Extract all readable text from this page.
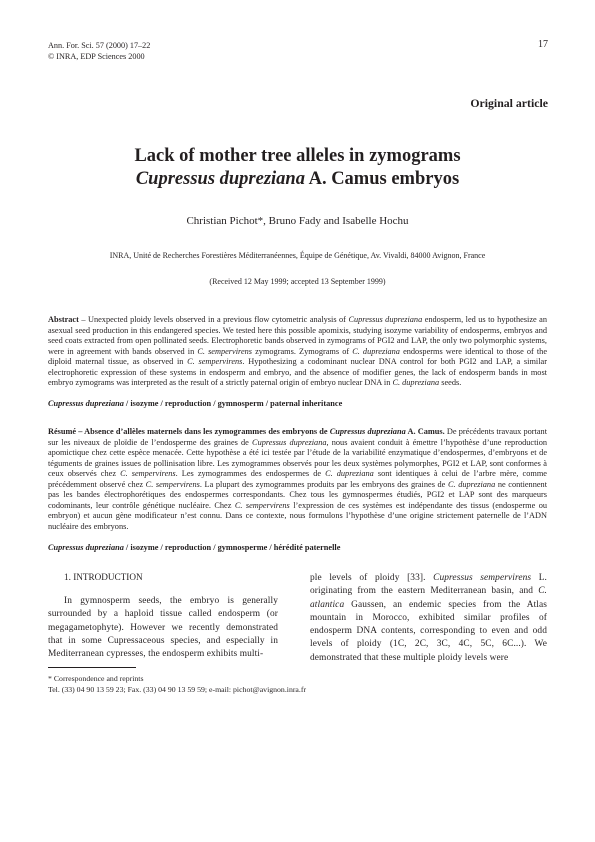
Ann. For. Sci. 57 (2000) 17–22
© INRA, EDP Sciences 2000
17
Original article
Lack of mother tree alleles in zymograms
Cupressus dupreziana A. Camus embryos
Christian Pichot*, Bruno Fady and Isabelle Hochu
INRA, Unité de Recherches Forestières Méditerranéennes, Équipe de Génétique, Av. Vivaldi, 84000 Avignon, France
(Received 12 May 1999; accepted 13 September 1999)
Abstract – Unexpected ploidy levels observed in a previous flow cytometric analysis of Cupressus dupreziana endosperm, led us to hypothesize an asexual seed production in this endangered species. We tested here this possible apomixis, studying isozyme variability of endosperms, embryos and seed coats extracted from open pollinated seeds. Electrophoretic bands observed in zymograms of PGI2 and LAP, the only two polymorphic systems, were in agreement with bands observed in C. sempervirens zymograms. Zymograms of C. dupreziana endosperms were identical to those of the diploid maternal tissue, as observed in C. sempervirens. Hypothesizing a codominant nuclear DNA control for both PGI2 and LAP, a similar electrophoretic expression of these systems in endosperm and embryo, and the absence of modifier genes, the lack of endosperm bands in most embryo zymograms was interpreted as the result of a strictly paternal origin of embryo nuclear DNA in C. dupreziana seeds.
Cupressus dupreziana / isozyme / reproduction / gymnosperm / paternal inheritance
Résumé – Absence d’allèles maternels dans les zymogrammes des embryons de Cupressus dupreziana A. Camus. De précédents travaux portant sur les niveaux de ploïdie de l’endosperme des graines de Cupressus dupreziana, nous avaient conduit à émettre l’hypothèse d’une reproduction apomictique chez cette espèce menacée. Cette hypothèse a été ici testée par l’étude de la variabilité enzymatique d’endospermes, d’embryons et de téguments de graines issues de pollinisation libre. Les zymogrammes observés pour les deux systèmes polymorphes, PGI2 et LAP, sont conformes à ceux observés chez C. sempervirens. Les zymogrammes des endospermes de C. dupreziana sont identiques à celui de l’arbre mère, comme précédemment observé chez C. sempervirens. La plupart des zymogrammes produits par les embryons des graines de C. dupreziana ne contiennent pas les bandes électrophorétiques des endospermes correspondants. Chez tous les gymnospermes étudiés, PGI2 et LAP sont des marqueurs codominants, leur contrôle génétique nucléaire. Chez C. sempervirens l’expression de ces systèmes est indépendante des tissus (endosperme ou embryon) et aucun gène modificateur n’est connu. Dans ce contexte, nous formulons l’hypothèse d’une origine strictement paternelle de l’ADN nucléaire des embryons.
Cupressus dupreziana / isozyme / reproduction / gymnosperme / hérédité paternelle
1. INTRODUCTION
In gymnosperm seeds, the embryo is generally surrounded by a haploid tissue called endosperm (or megagametophyte). However we recently demonstrated that in some Cupressaceous species, and especially in Mediterranean cypresses, the endosperm exhibits multi-
ple levels of ploidy [33]. Cupressus sempervirens L. originating from the eastern Mediterranean basin, and C. atlantica Gaussen, an endemic species from the Atlas mountain in Morocco, exhibited similar profiles of endosperm DNA contents, corresponding to even and odd levels of ploidy (1C, 2C, 3C, 4C, 5C, 6C...). We demonstrated that these multiple ploidy levels were
* Correspondence and reprints
Tel. (33) 04 90 13 59 23; Fax. (33) 04 90 13 59 59; e-mail: pichot@avignon.inra.fr
